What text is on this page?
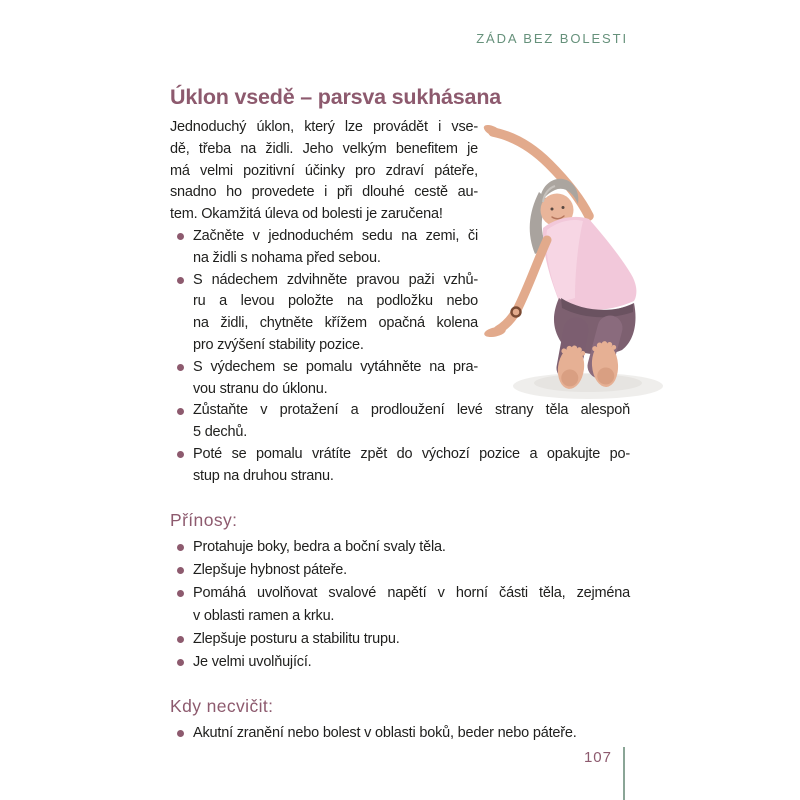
ZÁDA BEZ BOLESTI
Úklon vsedě – parsva sukhásana
Jednoduchý úklon, který lze provádět i vse-
dě, třeba na židli. Jeho velkým benefitem je
má velmi pozitivní účinky pro zdraví páteře,
snadno ho provedete i při dlouhé cestě au-
tem. Okamžitá úleva od bolesti je zaručena!
Začněte v jednoduchém sedu na zemi, či
na židli s nohama před sebou.
S nádechem zdvihněte pravou paži vzhů-
ru a levou položte na podložku nebo
na židli, chytněte křížem opačná kolena
pro zvýšení stability pozice.
S výdechem se pomalu vytáhněte na pra-
vou stranu do úklonu.
Zůstaňte v protažení a prodloužení levé strany těla alespoň
5 dechů.
Poté se pomalu vrátíte zpět do výchozí pozice a opakujte po-
stup na druhou stranu.
Přínosy:
Protahuje boky, bedra a boční svaly těla.
Zlepšuje hybnost páteře.
Pomáhá uvolňovat svalové napětí v horní části těla, zejména
v oblasti ramen a krku.
Zlepšuje posturu a stabilitu trupu.
Je velmi uvolňující.
Kdy necvičit:
Akutní zranění nebo bolest v oblasti boků, beder nebo páteře.
107
